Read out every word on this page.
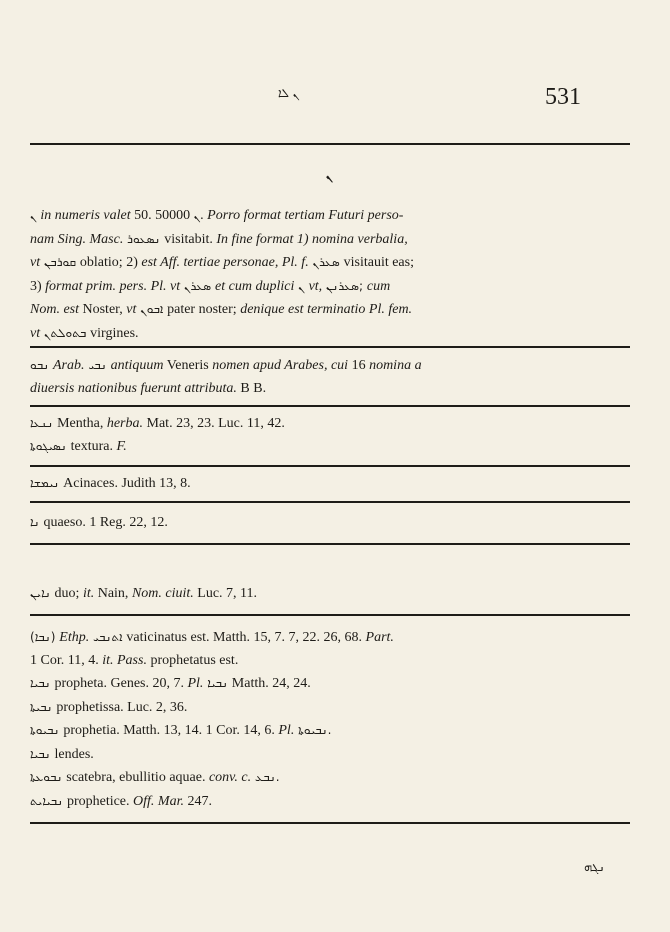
ܢ ܠܐ	531
ܢ
ܢ in numeris valet 50.	ܢ 50000. Porro format tertiam Futuri perso-
nam Sing. Masc. ܢܣܥܘܪ visitabit. In fine format 1) nomina verbalia,
vt ܩܘܪܒܢ oblatio; 2) est Aff. tertiae personae, Pl. f. ܣܥܪܢ visitauit eas;
3) format prim. pers. Pl. vt ܣܥܪܢ et cum duplici ܢ vt, ܣܥܪܢܢ; cum
Nom. est Noster, vt ܐܒܘܢ pater noster; denique est terminatio Pl. fem.
vt ܒܬܘܠܬܢ virgines.
ܢܒܘ Arab. ܢܒܝ antiquum Veneris nomen apud Arabes, cui 16 nomina a
diuersis nationibus fuerunt attributa. B B.
ܢܢܥܐ Mentha, herba. Mat. 23, 23. Luc. 11, 42.
ܢܣܝܓܘܬܐ textura. F.
ܢܝܡܫܐ Acinaces. Judith 13, 8.
ܢܐ quaeso. 1 Reg. 22, 12.
ܢܐܝܢ duo; it. Nain, Nom. ciuit. Luc. 7, 11.
(ܢܒܐ) Ethp. ܐܬܢܒܝ vaticinatus est. Matth. 15, 7. 7, 22. 26, 68. Part.
1 Cor. 11, 4. it. Pass. prophetatus est.
ܢܒܝܐ propheta. Genes. 20, 7. Pl. ܢܒܝܐ Matth. 24, 24.
ܢܒܝܬܐ prophetissa. Luc. 2, 36.
ܢܒܝܘܬܐ prophetia. Matth. 13, 14. 1 Cor. 14, 6. Pl. ܢܒܝܘܬܐ.
ܢܒܝܐ lendes.
ܢܒܘܥܬܐ scatebra, ebullitio aquae. conv. c. ܢܒܥ.
ܢܒܝܐܝܬ prophetice. Off. Mar. 247.
ܢܓܗ
